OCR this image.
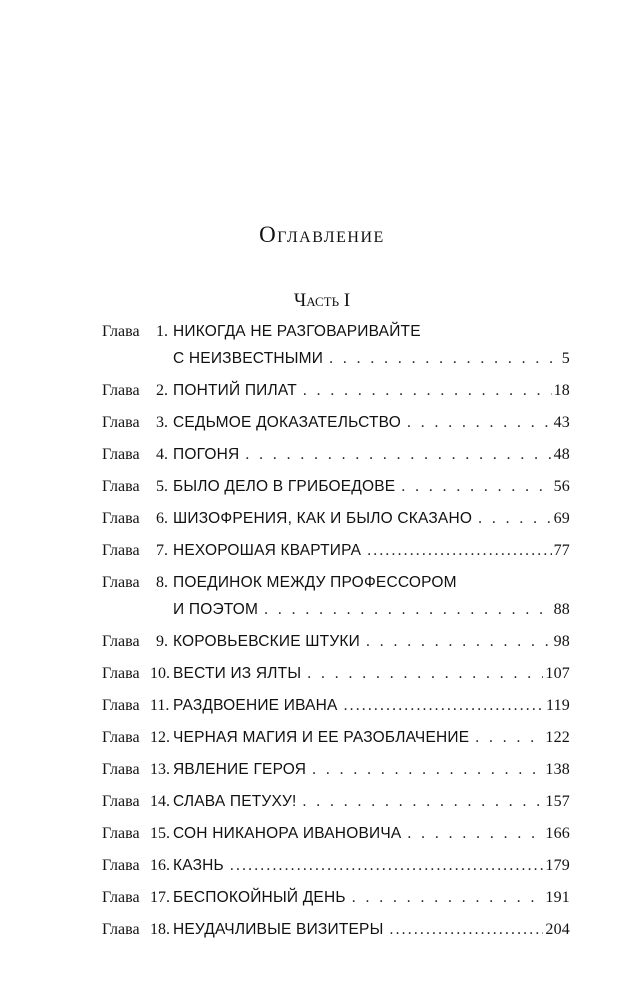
Оглавление
Часть I
Глава	1. НИКОГДА НЕ РАЗГОВАРИВАЙТЕ
С НЕИЗВЕСТНЫМИ . . .	5
Глава	2. ПОНТИЙ ПИЛАТ . . .	18
Глава	3. СЕДЬМОЕ ДОКАЗАТЕЛЬСТВО . . .	43
Глава	4. ПОГОНЯ . . .	48
Глава	5. БЫЛО ДЕЛО В ГРИБОЕДОВЕ . . .	56
Глава	6. ШИЗОФРЕНИЯ, КАК И БЫЛО СКАЗАНО . . .	69
Глава	7. НЕХОРОШАЯ КВАРТИРА .....	77
Глава	8. ПОЕДИНОК МЕЖДУ ПРОФЕССОРОМ
И ПОЭТОМ . . .	88
Глава	9. КОРОВЬЕВСКИЕ ШТУКИ . . .	98
Глава 10. ВЕСТИ ИЗ ЯЛТЫ . . .	107
Глава 11. РАЗДВОЕНИЕ ИВАНА .....	119
Глава 12. ЧЕРНАЯ МАГИЯ И ЕЕ РАЗОБЛАЧЕНИЕ . . .	122
Глава 13. ЯВЛЕНИЕ ГЕРОЯ . . .	138
Глава 14. СЛАВА ПЕТУХУ! . . .	157
Глава 15. СОН НИКАНОРА ИВАНОВИЧА . . .	166
Глава 16. КАЗНЬ .....	179
Глава 17. БЕСПОКОЙНЫЙ ДЕНЬ . . .	191
Глава 18. НЕУДАЧЛИВЫЕ ВИЗИТЕРЫ .....	204
